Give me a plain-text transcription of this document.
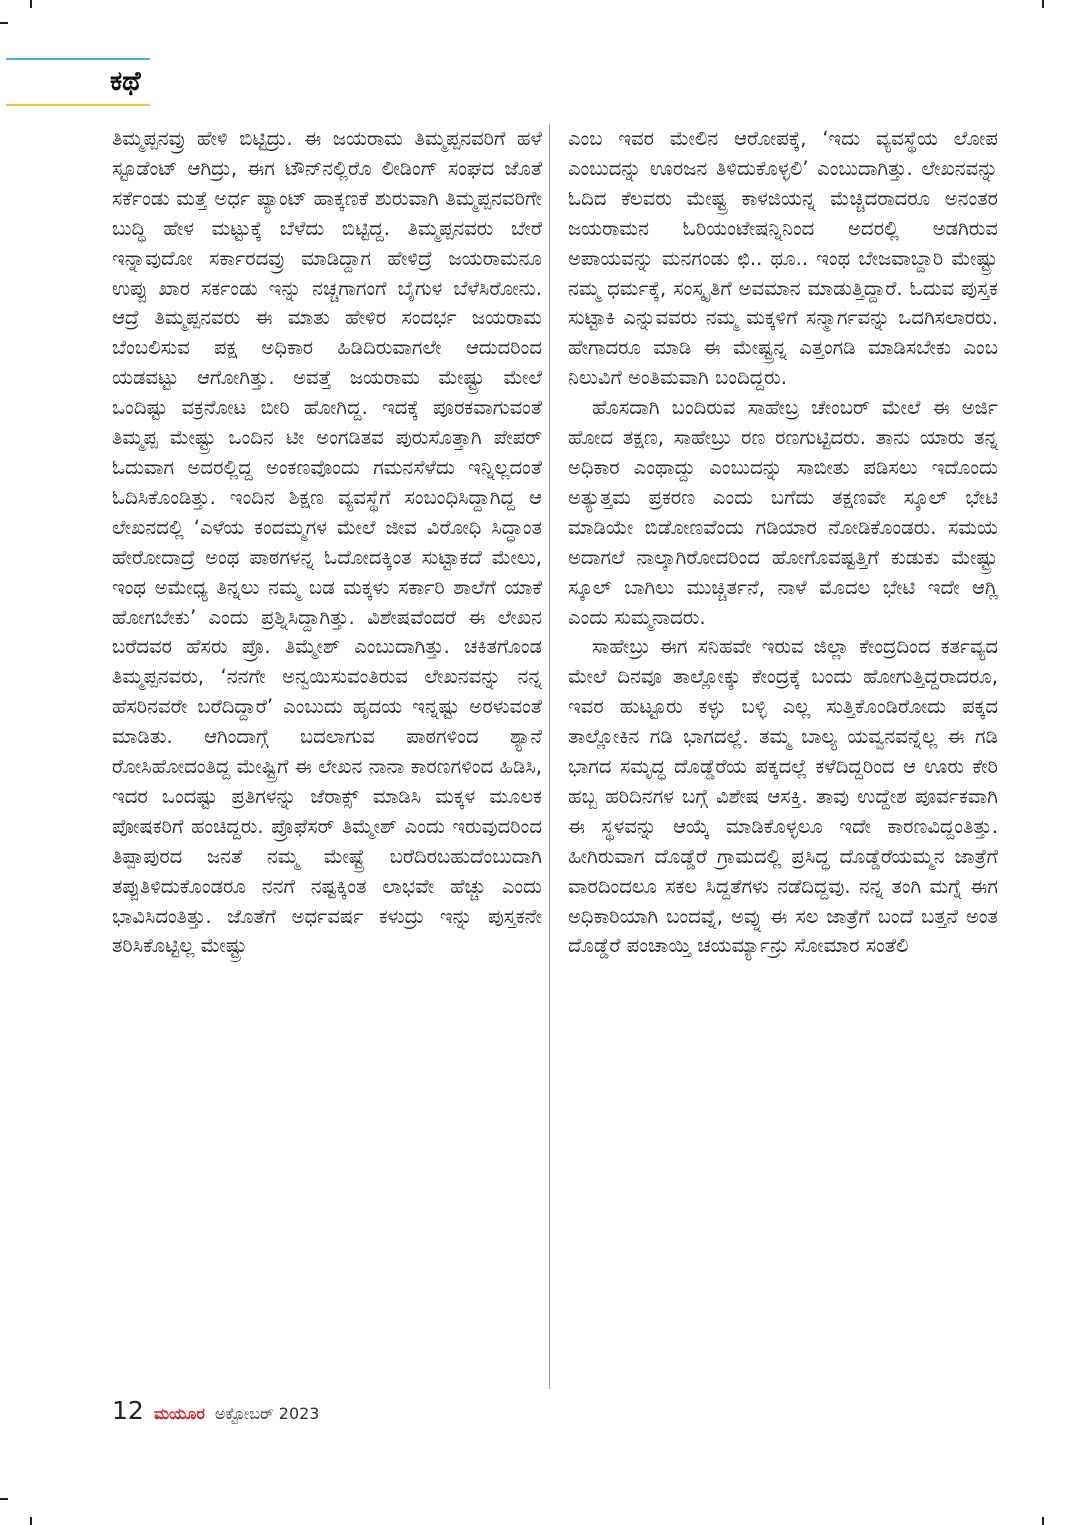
ಕಥೆ

ತಿಮ್ಮಪ್ಪನವ್ರು ಹೇಳಿ ಬಿಟ್ಟಿದ್ರು. ಈ ಜಯರಾಮ ತಿಮ್ಮಪ್ಪನವರಿಗೆ ಹಳೆ ಸ್ಟೂಡೆಂಟ್ ಆಗಿದ್ರು, ಈಗ ಟೌನ್‌ನಲ್ಲಿರೊ ಲೀಡಿಂಗ್ ಸಂಘದ ಜೊತೆ ಸರ್ಕೆಂಡು ಮತ್ತೆ ಅರ್ಧ ಪ್ಯಾಂಟ್ ಹಾಕ್ಕಣಕೆ ಶುರುವಾಗಿ ತಿಮ್ಮಪ್ಪನವರಿಗೇ ಬುದ್ಧಿ ಹೇಳ ಮಟ್ಟುಕ್ಕೆ ಬೆಳೆದು ಬಿಟ್ಟಿದ್ದ. ತಿಮ್ಮಪ್ಪನವರು ಬೇರೆ ಇನ್ನಾವುದೋ ಸರ್ಕಾರದವ್ರು ಮಾಡಿದ್ದಾಗ ಹೇಳಿದ್ರೆ ಜಯರಾಮನೂ ಉಪ್ಪು ಖಾರ ಸರ್ಕಂಡು ಇನ್ನು ನಚ್ಚಗಾಗಂಗೆ ಬೈಗುಳ ಬೆಳೆಸಿರೋನು. ಆದ್ರೆ ತಿಮ್ಮಪ್ಪನವರು ಈ ಮಾತು ಹೇಳಿರ ಸಂದರ್ಭ ಜಯರಾಮ ಬೆಂಬಲಿಸುವ ಪಕ್ಷ ಅಧಿಕಾರ ಹಿಡಿದಿರುವಾಗಲೇ ಆದುದರಿಂದ ಯಡವಟ್ಟು ಆಗೋಗಿತ್ತು. ಅವತ್ತೆ ಜಯರಾಮ ಮೇಷ್ಟ್ರು ಮೇಲೆ ಒಂದಿಷ್ಟು ವಕ್ರನೋಟ ಬೀರಿ ಹೋಗಿದ್ದ. ಇದಕ್ಕೆ ಪೂರಕವಾಗುವಂತೆ ತಿಮ್ಮಪ್ಪ ಮೇಷ್ಟ್ರು ಒಂದಿನ ಟೀ ಅಂಗಡಿತವ ಪುರುಸೊತ್ತಾಗಿ ಪೇಪರ್ ಓದುವಾಗ ಅದರಲ್ಲಿದ್ದ ಅಂಕಣವೊಂದು ಗಮನಸೆಳೆದು ಇನ್ನಿಲ್ಲದಂತೆ ಓದಿಸಿಕೊಂಡಿತ್ತು. ಇಂದಿನ ಶಿಕ್ಷಣ ವ್ಯವಸ್ಥೆಗೆ ಸಂಬಂಧಿಸಿದ್ದಾಗಿದ್ದ ಆ ಲೇಖನದಲ್ಲಿ ‘ಎಳೆಯ ಕಂದಮ್ಮಗಳ ಮೇಲೆ ಜೀವ ವಿರೋಧಿ ಸಿದ್ಧಾಂತ ಹೇರೋದಾದ್ರೆ ಅಂಥ ಪಾಠಗಳನ್ನ ಓದೋದಕ್ಕಿಂತ ಸುಟ್ಟಾಕದೆ ಮೇಲು, ಇಂಥ ಅಮೇಧ್ಯ ತಿನ್ನಲು ನಮ್ಮ ಬಡ ಮಕ್ಕಳು ಸರ್ಕಾರಿ ಶಾಲೆಗೆ ಯಾಕೆ ಹೋಗಬೇಕು’ ಎಂದು ಪ್ರಶ್ನಿಸಿದ್ದಾಗಿತ್ತು. ವಿಶೇಷವೆಂದರೆ ಈ ಲೇಖನ ಬರೆದವರ ಹೆಸರು ಪ್ರೊ. ತಿಮ್ಮೇಶ್ ಎಂಬುದಾಗಿತ್ತು. ಚಕಿತಗೊಂಡ ತಿಮ್ಮಪ್ಪನವರು, ‘ನನಗೇ ಅನ್ವಯಿಸುವಂತಿರುವ ಲೇಖನವನ್ನು ನನ್ನ ಹೆಸರಿನವರೇ ಬರೆದಿದ್ದಾರೆ’ ಎಂಬುದು ಹೃದಯ ಇನ್ನಷ್ಟು ಅರಳುವಂತೆ ಮಾಡಿತು. ಆಗಿಂದಾಗ್ಗೆ ಬದಲಾಗುವ ಪಾಠಗಳಿಂದ ಶ್ಯಾನೆ ರೋಸಿಹೋದಂತಿದ್ದ ಮೇಷ್ಟ್ರಿಗೆ ಈ ಲೇಖನ ನಾನಾ ಕಾರಣಗಳಿಂದ ಹಿಡಿಸಿ, ಇದರ ಒಂದಷ್ಟು ಪ್ರತಿಗಳನ್ನು ಜೆರಾಕ್ಸ್ ಮಾಡಿಸಿ ಮಕ್ಕಳ ಮೂಲಕ ಪೋಷಕರಿಗೆ ಹಂಚಿದ್ದರು. ಪ್ರೊಫೆಸರ್ ತಿಮ್ಮೇಶ್ ಎಂದು ಇರುವುದರಿಂದ ತಿಪ್ಪಾಪುರದ ಜನತೆ ನಮ್ಮ ಮೇಷ್ಟ್ರೆ ಬರೆದಿರಬಹುದೆಂಬುದಾಗಿ ತಪ್ಪುತಿಳಿದುಕೊಂಡರೂ ನನಗೆ ನಷ್ಟಕ್ಕಿಂತ ಲಾಭವೇ ಹೆಚ್ಚು ಎಂದು ಭಾವಿಸಿದಂತಿತ್ತು. ಜೊತೆಗೆ ಅರ್ಧವರ್ಷ ಕಳುದ್ರು ಇನ್ನು ಪುಸ್ತಕನೇ ತರಿಸಿಕೊಟ್ಟಿಲ್ಲ ಮೇಷ್ಟ್ರು

ಎಂಬ ಇವರ ಮೇಲಿನ ಆರೋಪಕ್ಕೆ, ‘ಇದು ವ್ಯವಸ್ಥೆಯ ಲೋಪ ಎಂಬುದನ್ನು ಊರಜನ ತಿಳಿದುಕೊಳ್ಳಲಿ’ ಎಂಬುದಾಗಿತ್ತು. ಲೇಖನವನ್ನು ಓದಿದ ಕೆಲವರು ಮೇಷ್ಟ್ರ ಕಾಳಜಿಯನ್ನ ಮೆಚ್ಚಿದರಾದರೂ ಅನಂತರ ಜಯರಾಮನ ಓರಿಯಂಟೇಷನ್ನಿನಿಂದ ಅದರಲ್ಲಿ ಅಡಗಿರುವ ಅಪಾಯವನ್ನು ಮನಗಂಡು ಛಿ.. ಥೂ.. ಇಂಥ ಬೇಜವಾಬ್ದಾರಿ ಮೇಷ್ಟ್ರು ನಮ್ಮ ಧರ್ಮಕ್ಕೆ, ಸಂಸ್ಕೃತಿಗೆ ಅವಮಾನ ಮಾಡುತ್ತಿದ್ದಾರೆ. ಓದುವ ಪುಸ್ತಕ ಸುಟ್ಟಾಕಿ ಎನ್ನುವವರು ನಮ್ಮ ಮಕ್ಕಳಿಗೆ ಸನ್ಮಾರ್ಗವನ್ನು ಒದಗಿಸಲಾರರು. ಹೇಗಾದರೂ ಮಾಡಿ ಈ ಮೇಷ್ಟ್ರನ್ನ ಎತ್ತಂಗಡಿ ಮಾಡಿಸಬೇಕು ಎಂಬ ನಿಲುವಿಗೆ ಅಂತಿಮವಾಗಿ ಬಂದಿದ್ದರು.

ಹೊಸದಾಗಿ ಬಂದಿರುವ ಸಾಹೇಬ್ರ ಚೇಂಬರ್ ಮೇಲೆ ಈ ಅರ್ಜಿ ಹೋದ ತಕ್ಷಣ, ಸಾಹೇಬ್ರು ರಣ ರಣಗುಟ್ಟಿದರು. ತಾನು ಯಾರು ತನ್ನ ಅಧಿಕಾರ ಎಂಥಾದ್ದು ಎಂಬುದನ್ನು ಸಾಬೀತು ಪಡಿಸಲು ಇದೊಂದು ಅತ್ಯುತ್ತಮ ಪ್ರಕರಣ ಎಂದು ಬಗೆದು ತಕ್ಷಣವೇ ಸ್ಕೂಲ್ ಭೇಟಿ ಮಾಡಿಯೇ ಬಿಡೋಣವೆಂದು ಗಡಿಯಾರ ನೋಡಿಕೊಂಡರು. ಸಮಯ ಅದಾಗಲೆ ನಾಲ್ಕಾಗಿರೋದರಿಂದ ಹೋಗೊವಷ್ಟತ್ತಿಗೆ ಕುಡುಕು ಮೇಷ್ಟ್ರು ಸ್ಕೂಲ್ ಬಾಗಿಲು ಮುಚ್ಚಿರ್ತನೆ, ನಾಳೆ ಮೊದಲ ಭೇಟಿ ಇದೇ ಆಗ್ಲಿ ಎಂದು ಸುಮ್ಮನಾದರು.

ಸಾಹೇಬ್ರು ಈಗ ಸನಿಹವೇ ಇರುವ ಜಿಲ್ಲಾ ಕೇಂದ್ರದಿಂದ ಕರ್ತವ್ಯದ ಮೇಲೆ ದಿನವೂ ತಾಲ್ಲೋಕ್ಕು ಕೇಂದ್ರಕ್ಕೆ ಬಂದು ಹೋಗುತ್ತಿದ್ದರಾದರೂ, ಇವರ ಹುಟ್ಟೂರು ಕಳ್ಳು ಬಳ್ಳಿ ಎಲ್ಲ ಸುತ್ತಿಕೊಂಡಿರೋದು ಪಕ್ಕದ ತಾಲ್ಲೋಕಿನ ಗಡಿ ಭಾಗದಲ್ಲೆ. ತಮ್ಮ ಬಾಲ್ಯ ಯವ್ವನವನ್ನೆಲ್ಲ ಈ ಗಡಿ ಭಾಗದ ಸಮೃದ್ಧ ದೊಡ್ಡೆರೆಯ ಪಕ್ಕದಲ್ಲೆ ಕಳೆದಿದ್ದರಿಂದ ಆ ಊರು ಕೇರಿ ಹಬ್ಬ ಹರಿದಿನಗಳ ಬಗ್ಗೆ ವಿಶೇಷ ಆಸಕ್ತಿ. ತಾವು ಉದ್ದೇಶ ಪೂರ್ವಕವಾಗಿ ಈ ಸ್ಥಳವನ್ನು ಆಯ್ಕೆ ಮಾಡಿಕೊಳ್ಳಲೂ ಇದೇ ಕಾರಣವಿದ್ದಂತಿತ್ತು. ಹೀಗಿರುವಾಗ ದೊಡ್ಡೆರೆ ಗ್ರಾಮದಲ್ಲಿ ಪ್ರಸಿದ್ಧ ದೊಡ್ಡೆರೆಯಮ್ಮನ ಜಾತ್ರೆಗೆ ವಾರದಿಂದಲೂ ಸಕಲ ಸಿದ್ದತೆಗಳು ನಡೆದಿದ್ದವು. ನನ್ನ ತಂಗಿ ಮಗ್ನೆ ಈಗ ಅಧಿಕಾರಿಯಾಗಿ ಬಂದವ್ನೆ, ಅವ್ನು ಈ ಸಲ ಜಾತ್ರೆಗೆ ಬಂದೆ ಬತ್ತನೆ ಅಂತ ದೊಡ್ಡೆರೆ ಪಂಚಾಯ್ತಿ ಚಯರ್ಮ್ಯಾನ್ರು ಸೋಮಾರ ಸಂತೆಲಿ

12 ಮಯೂರ ಅಕ್ಟೋಬರ್ 2023
